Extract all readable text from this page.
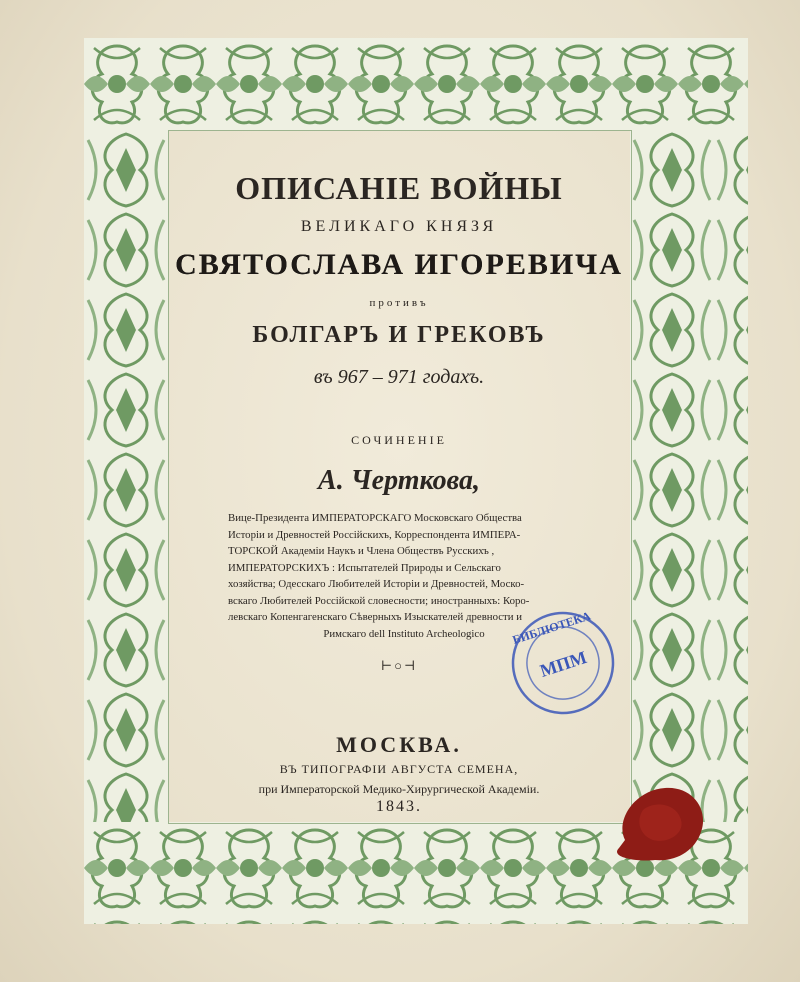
ОПИСАНІЕ ВОЙНЫ
ВЕЛИКАГО КНЯЗЯ
СВЯТОСЛАВА ИГОРЕВИЧА
противъ
БОЛГАРЪ И ГРЕКОВЪ
въ 967 – 971 годахъ.
СОЧИНЕНІЕ
А. Черткова,
Вице-Президента ИМПЕРАТОРСКАГО Московскаго Общества
Исторіи и Древностей Россійскихъ, Корреспондента ИМПЕРА-
ТОРСКОЙ Академіи Наукъ и Члена Обществъ Русскихъ ,
ИМПЕРАТОРСКИХЪ : Испытателей Природы и Сельскаго
хозяйства; Одесскаго Любителей Исторіи и Древностей, Моско-
вскаго Любителей Россійской словесности; иностранныхъ: Коро-
левскаго Копенгагенскаго Сѣверныхъ Изыскателей древности и
Римскаго dell Instituto Archeologico
⊢○⊣
МОСКВА.
ВЪ ТИПОГРАФІИ АВГУСТА СЕМЕНА,
при Императорской Медико-Хирургической Академіи.
1843.
БИБЛІОТЕКА
МПМ
